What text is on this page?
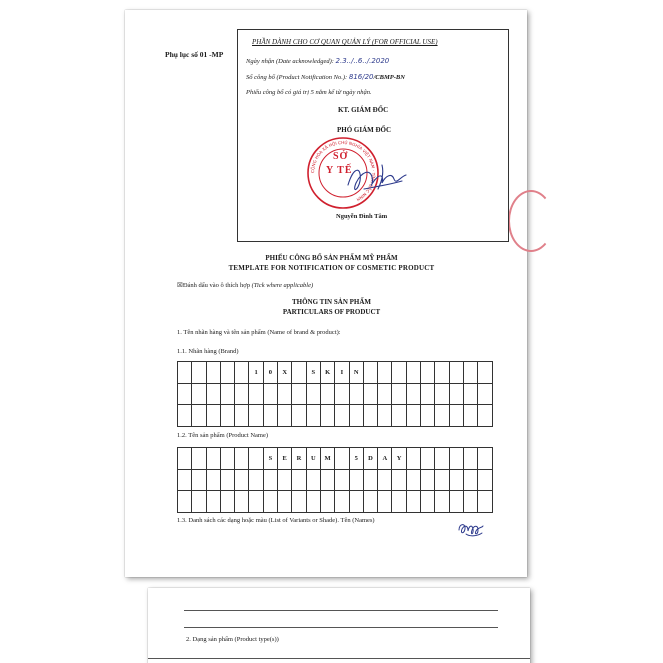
Phụ lục số 01 -MP
PHẦN DÀNH CHO CƠ QUAN QUẢN LÝ (FOR OFFICIAL USE)
Ngày nhận (Date acknowledged): 2.3../..6../.2020
Số công bố (Product Notification No.): 816/20/CBMP-BN
Phiếu công bố có giá trị 5 năm kể từ ngày nhận.
KT. GIÁM ĐỐC
PHÓ GIÁM ĐỐC
CỘNG HÒA XÃ HỘI CHỦ NGHĨA VIỆT NAM · TỈNH BẮC NINH
SỞ
Y TẾ
Nguyễn Đình Tâm
PHIẾU CÔNG BỐ SẢN PHẨM MỸ PHẨM
TEMPLATE FOR NOTIFICATION OF COSMETIC PRODUCT
☒Đánh dấu vào ô thích hợp (Tick where applicable)
THÔNG TIN SẢN PHẨM
PARTICULARS OF PRODUCT
1. Tên nhãn hàng và tên sản phẩm (Name of brand & product):
1.1. Nhãn hàng (Brand)
					1	0	X		S	K	I	N									

1.2. Tên sản phẩm (Product Name)
						S	E	R	U	M		5	D	A	Y						

1.3. Danh sách các dạng hoặc màu (List of Variants or Shade). Tên (Names)
2. Dạng sản phẩm (Product type(s))
